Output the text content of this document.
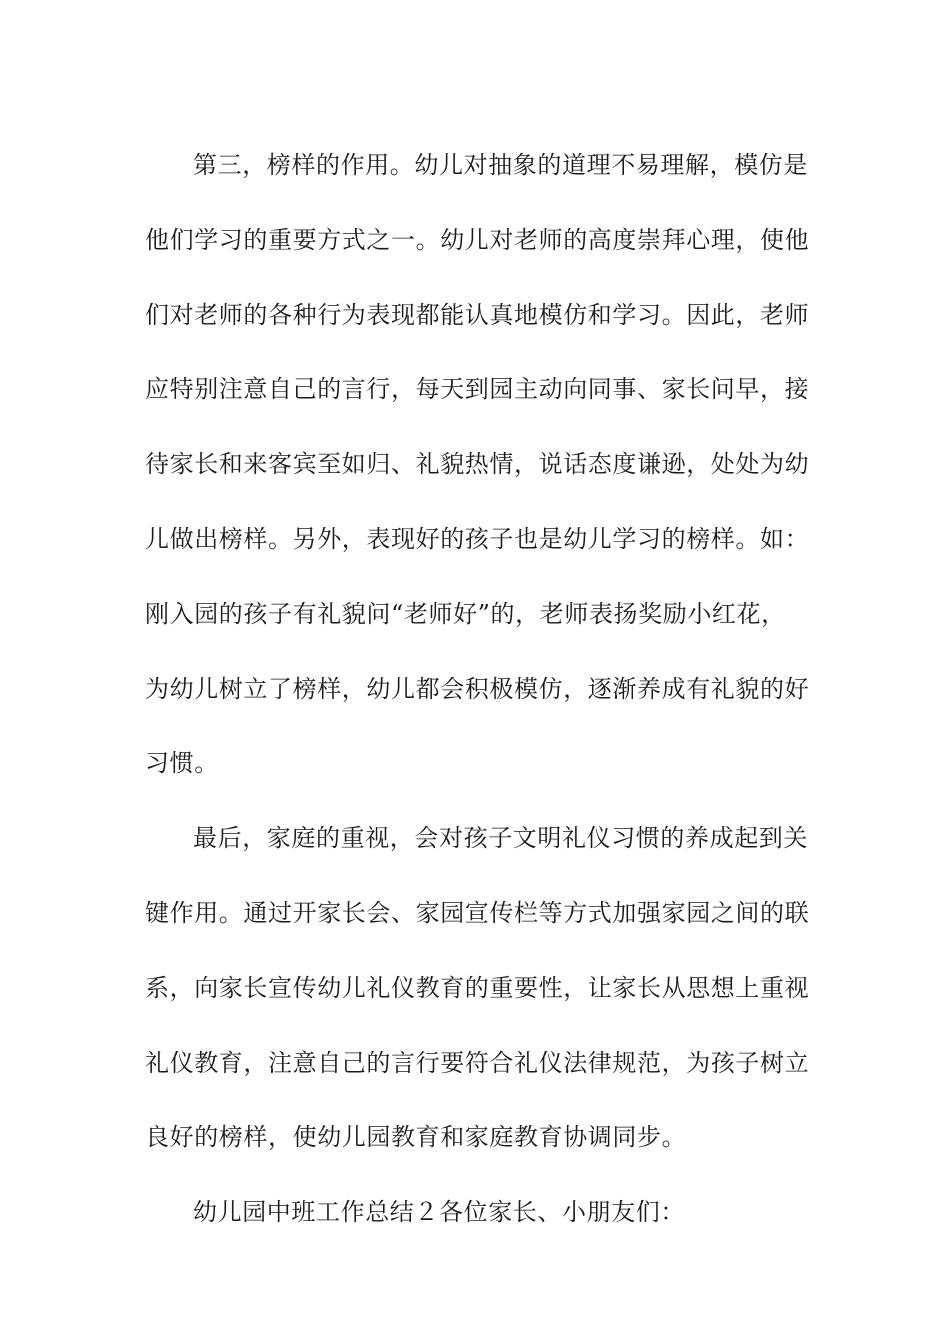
第三，榜样的作用。幼儿对抽象的道理不易理解，模仿是
他们学习的重要方式之一。幼儿对老师的高度崇拜心理，使他
们对老师的各种行为表现都能认真地模仿和学习。因此，老师
应特别注意自己的言行，每天到园主动向同事、家长问早，接
待家长和来客宾至如归、礼貌热情，说话态度谦逊，处处为幼
儿做出榜样。另外，表现好的孩子也是幼儿学习的榜样。如：
刚入园的孩子有礼貌问“老师好”的，老师表扬奖励小红花，
为幼儿树立了榜样，幼儿都会积极模仿，逐渐养成有礼貌的好
习惯。
最后，家庭的重视，会对孩子文明礼仪习惯的养成起到关
键作用。通过开家长会、家园宣传栏等方式加强家园之间的联
系，向家长宣传幼儿礼仪教育的重要性，让家长从思想上重视
礼仪教育，注意自己的言行要符合礼仪法律规范，为孩子树立
良好的榜样，使幼儿园教育和家庭教育协调同步。
幼儿园中班工作总结２各位家长、小朋友们：
